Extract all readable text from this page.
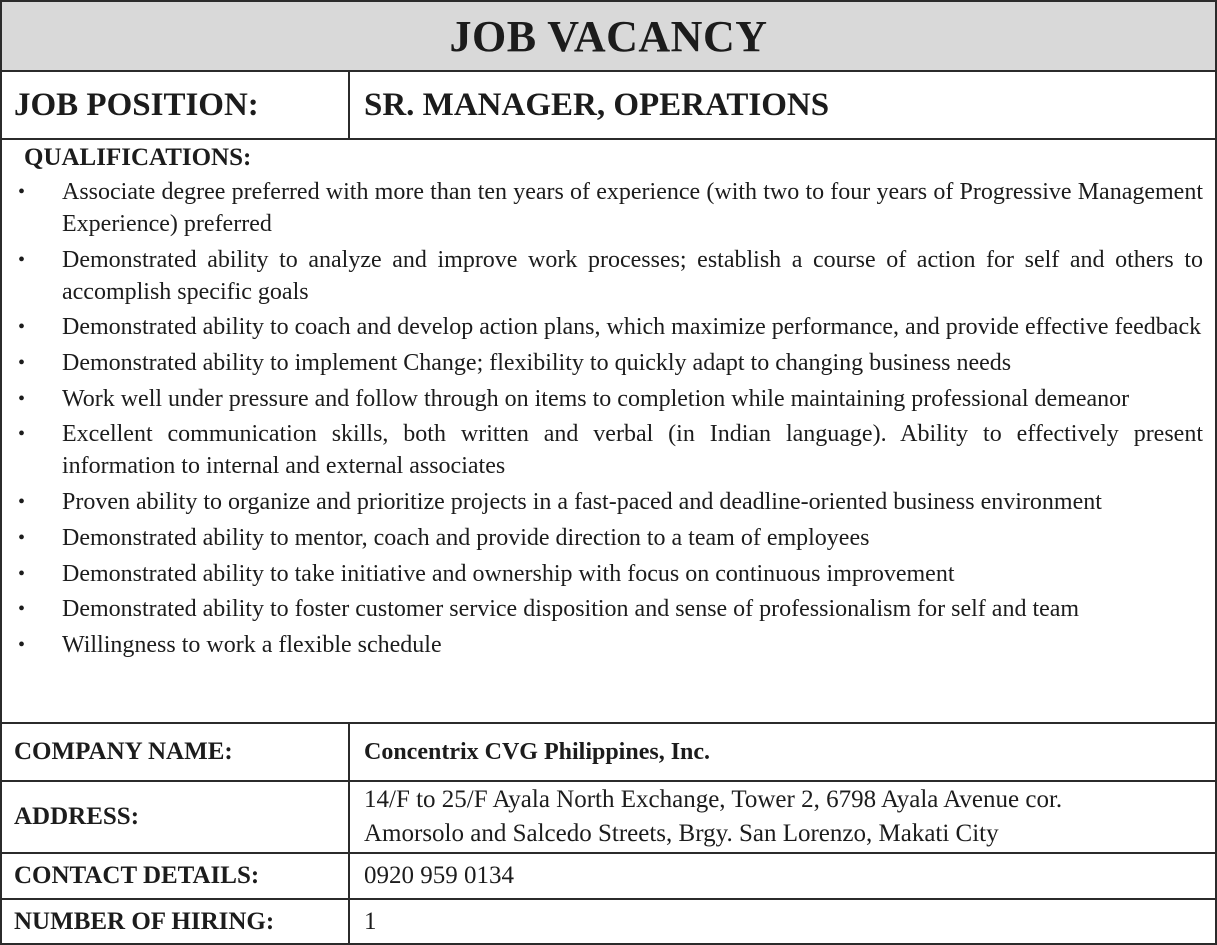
JOB VACANCY
JOB POSITION:	SR. MANAGER, OPERATIONS
QUALIFICATIONS:
• Associate degree preferred with more than ten years of experience (with two to four years of Progressive Management Experience) preferred
• Demonstrated ability to analyze and improve work processes; establish a course of action for self and others to accomplish specific goals
• Demonstrated ability to coach and develop action plans, which maximize performance, and provide effective feedback
• Demonstrated ability to implement Change; flexibility to quickly adapt to changing business needs
• Work well under pressure and follow through on items to completion while maintaining professional demeanor
• Excellent communication skills, both written and verbal (in Indian language). Ability to effectively present information to internal and external associates
• Proven ability to organize and prioritize projects in a fast-paced and deadline-oriented business environment
• Demonstrated ability to mentor, coach and provide direction to a team of employees
• Demonstrated ability to take initiative and ownership with focus on continuous improvement
• Demonstrated ability to foster customer service disposition and sense of professionalism for self and team
• Willingness to work a flexible schedule
COMPANY NAME:	Concentrix CVG Philippines, Inc.
ADDRESS:
14/F to 25/F Ayala North Exchange, Tower 2, 6798 Ayala Avenue cor.
Amorsolo and Salcedo Streets, Brgy. San Lorenzo, Makati City
CONTACT DETAILS:	0920 959 0134
NUMBER OF HIRING:	1
